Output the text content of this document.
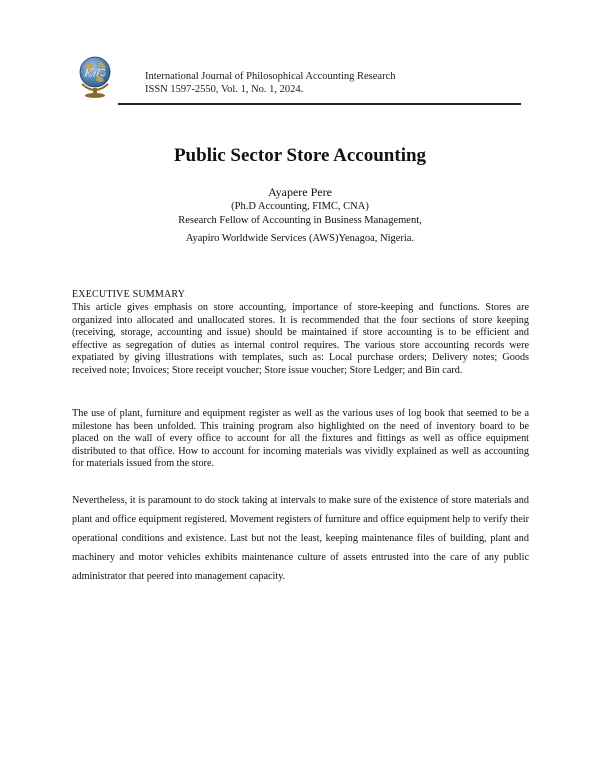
AWS	International Journal of Philosophical Accounting Research
ISSN 1597-2550, Vol. 1, No. 1, 2024.
Public Sector Store Accounting
Ayapere Pere
(Ph.D Accounting, FIMC, CNA)
Research Fellow of Accounting in Business Management,
Ayapiro Worldwide Services (AWS)Yenagoa, Nigeria.
EXECUTIVE SUMMARY

This article gives emphasis on store accounting, importance of store-keeping and functions. Stores are organized into allocated and unallocated stores. It is recommended that the four sections of store keeping (receiving, storage, accounting and issue) should be maintained if store accounting is to be efficient and effective as segregation of duties as internal control requires. The various store accounting records were expatiated by giving illustrations with templates, such as: Local purchase orders; Delivery notes; Goods received note; Invoices; Store receipt voucher; Store issue voucher; Store Ledger; and Bin card.

The use of plant, furniture and equipment register as well as the various uses of log book that seemed to be a milestone has been unfolded. This training program also highlighted on the need of inventory board to be placed on the wall of every office to account for all the fixtures and fittings as well as office equipment distributed to that office. How to account for incoming materials was vividly explained as well as accounting for materials issued from the store.

Nevertheless, it is paramount to do stock taking at intervals to make sure of the existence of store materials and plant and office equipment registered. Movement registers of furniture and office equipment help to verify their operational conditions and existence. Last but not the least, keeping maintenance files of building, plant and machinery and motor vehicles exhibits maintenance culture of assets entrusted into the care of any public administrator that peered into management capacity.
